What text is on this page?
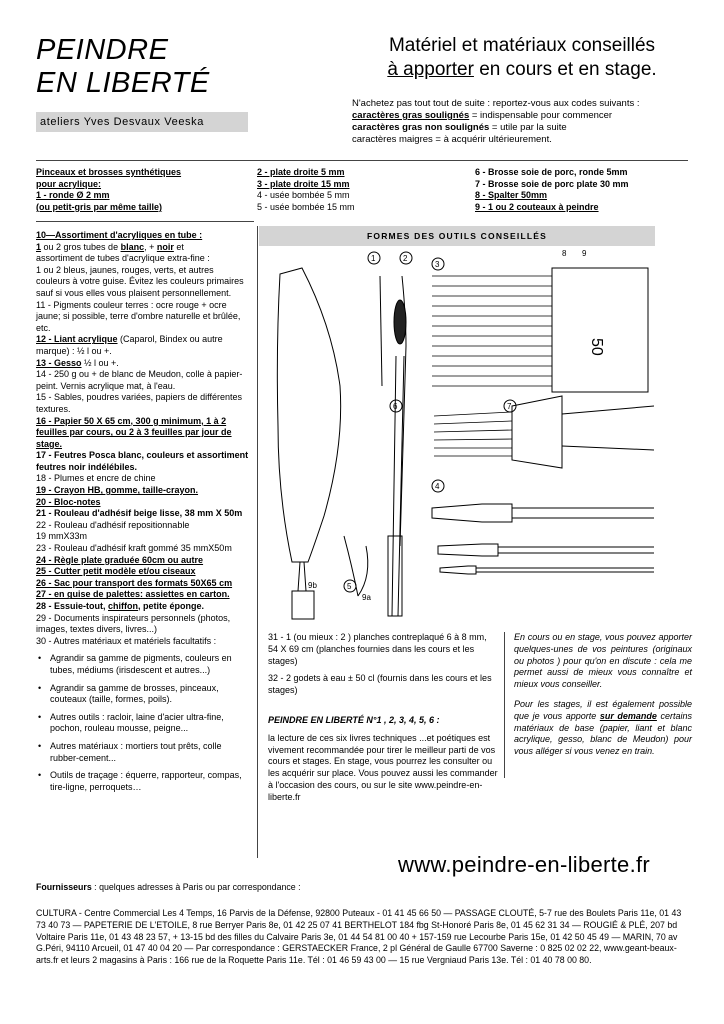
PEINDRE
EN LIBERTÉ
ateliers Yves Desvaux Veeska
Matériel et matériaux conseillés
à apporter en cours et en stage.
N'achetez pas tout tout de suite : reportez-vous aux codes suivants :
caractères gras soulignés = indispensable pour commencer
caractères gras non soulignés = utile par la suite
caractères maigres = à acquérir ultérieurement.
Pinceaux et brosses synthétiques
pour acrylique:
1 - ronde Ø 2 mm
(ou petit-gris par même taille)
2 - plate droite 5 mm
3 - plate droite 15 mm
4 - usée bombée 5 mm
5 - usée bombée 15 mm
6 - Brosse soie de porc, ronde 5mm
7 - Brosse soie de porc plate 30 mm
8 - Spalter 50mm
9 - 1 ou 2 couteaux à peindre
10—Assortiment d'acryliques en tube :
1 ou 2 gros tubes de blanc, + noir et
assortiment de tubes d'acrylique extra-fine :
1 ou 2 bleus, jaunes, rouges, verts, et autres couleurs à votre guise. Évitez les couleurs primaires sauf si vous elles vous plaisent personnellement.
11 - Pigments couleur terres : ocre rouge + ocre jaune; si possible, terre d'ombre naturelle et brûlée, etc.
12 - Liant acrylique (Caparol, Bindex ou autre marque) : ½ l ou +.
13 - Gesso ½ l ou +.
14 - 250 g ou + de blanc de Meudon, colle à papier-peint. Vernis acrylique mat, à l'eau.
15 - Sables, poudres variées, papiers de différentes textures.
16 - Papier 50 X 65 cm, 300 g minimum, 1 à 2 feuilles par cours, ou 2 à 3 feuilles par jour de stage.
17 - Feutres Posca blanc, couleurs et assortiment feutres noir indélébiles.
18 - Plumes et encre de chine
19 - Crayon HB, gomme, taille-crayon.
20 - Bloc-notes
21 - Rouleau d'adhésif beige lisse, 38 mm X 50m
22 - Rouleau d'adhésif repositionnable
19 mmX33m
23 - Rouleau d'adhésif kraft gommé 35 mmX50m
24 - Règle plate graduée 60cm ou autre
25 - Cutter petit modèle et/ou ciseaux
26 - Sac pour transport des formats 50X65 cm
27 - en guise de palettes: assiettes en carton.
28 - Essuie-tout, chiffon, petite éponge.
29 - Documents inspirateurs personnels (photos, images, textes divers, livres...)
30 - Autres matériaux et matériels facultatifs :
• Agrandir sa gamme de pigments, couleurs en tubes, médiums (irisdescent et autres...)
• Agrandir sa gamme de brosses, pinceaux, couteaux (taille, formes, poils).
• Autres outils : racloir, laine d'acier ultra-fine, pochon, rouleau mousse, peigne...
• Autres matériaux : mortiers tout prêts, colle rubber-cement...
• Outils de traçage : équerre, rapporteur, compas, tire-ligne, perroquets…
FORMES DES OUTILS CONSEILLÉS
1	2
3
4
5
6	7
8 9
9a
9b
50
31 - 1 (ou mieux : 2 ) planches contreplaqué 6 à 8 mm, 54 X 69 cm (planches fournies dans les cours et les stages)
32 - 2 godets à eau ± 50 cl (fournis dans les cours et les stages)
PEINDRE EN LIBERTÉ N°1 , 2, 3, 4, 5, 6 :
la lecture de ces six livres techniques ...et poétiques est vivement recommandée pour tirer le meilleur parti de vos cours et stages. En stage, vous pourrez les consulter ou les acquérir sur place. Vous pouvez aussi les commander à l'occasion des cours, ou sur le site www.peindre-en-liberte.fr
En cours ou en stage, vous pouvez apporter quelques-unes de vos peintures (originaux ou photos ) pour qu'on en discute : cela me permet aussi de mieux vous connaître et mieux vous conseiller.
Pour les stages, il est également possible que je vous apporte sur demande certains matériaux de base (papier, liant et blanc acrylique, gesso, blanc de Meudon) pour vous alléger si vous venez en train.
www.peindre-en-liberte.fr
Fournisseurs : quelques adresses à Paris ou par correspondance :
CULTURA - Centre Commercial Les 4 Temps, 16 Parvis de la Défense, 92800 Puteaux - 01 41 45 66 50 — PASSAGE CLOUTÉ, 5-7 rue des Boulets Paris 11e, 01 43 73 40 73 — PAPETERIE DE L'ETOILE, 8 rue Berryer Paris 8e, 01 42 25 07 41 BERTHELOT 184 fbg St-Honoré Paris 8e, 01 45 62 31 34 — ROUGIÉ & PLÉ, 207 bd Voltaire Paris 11e, 01 43 48 23 57, + 13-15 bd des filles du Calvaire Paris 3e, 01 44 54 81 00 40 + 157-159 rue Lecourbe Paris 15e, 01 42 50 45 49 — MARIN, 70 av G.Péri, 94110 Arcueil, 01 47 40 04 20 — Par correspondance : GERSTAECKER France, 2 pl Général de Gaulle 67700 Saverne : 0 825 02 02 22, www.geant-beaux-arts.fr et leurs 2 magasins à Paris : 166 rue de la Roquette Paris 11e. Tél : 01 46 59 43 00 — 15 rue Vergniaud Paris 13e. Tél : 01 40 78 00 80.
